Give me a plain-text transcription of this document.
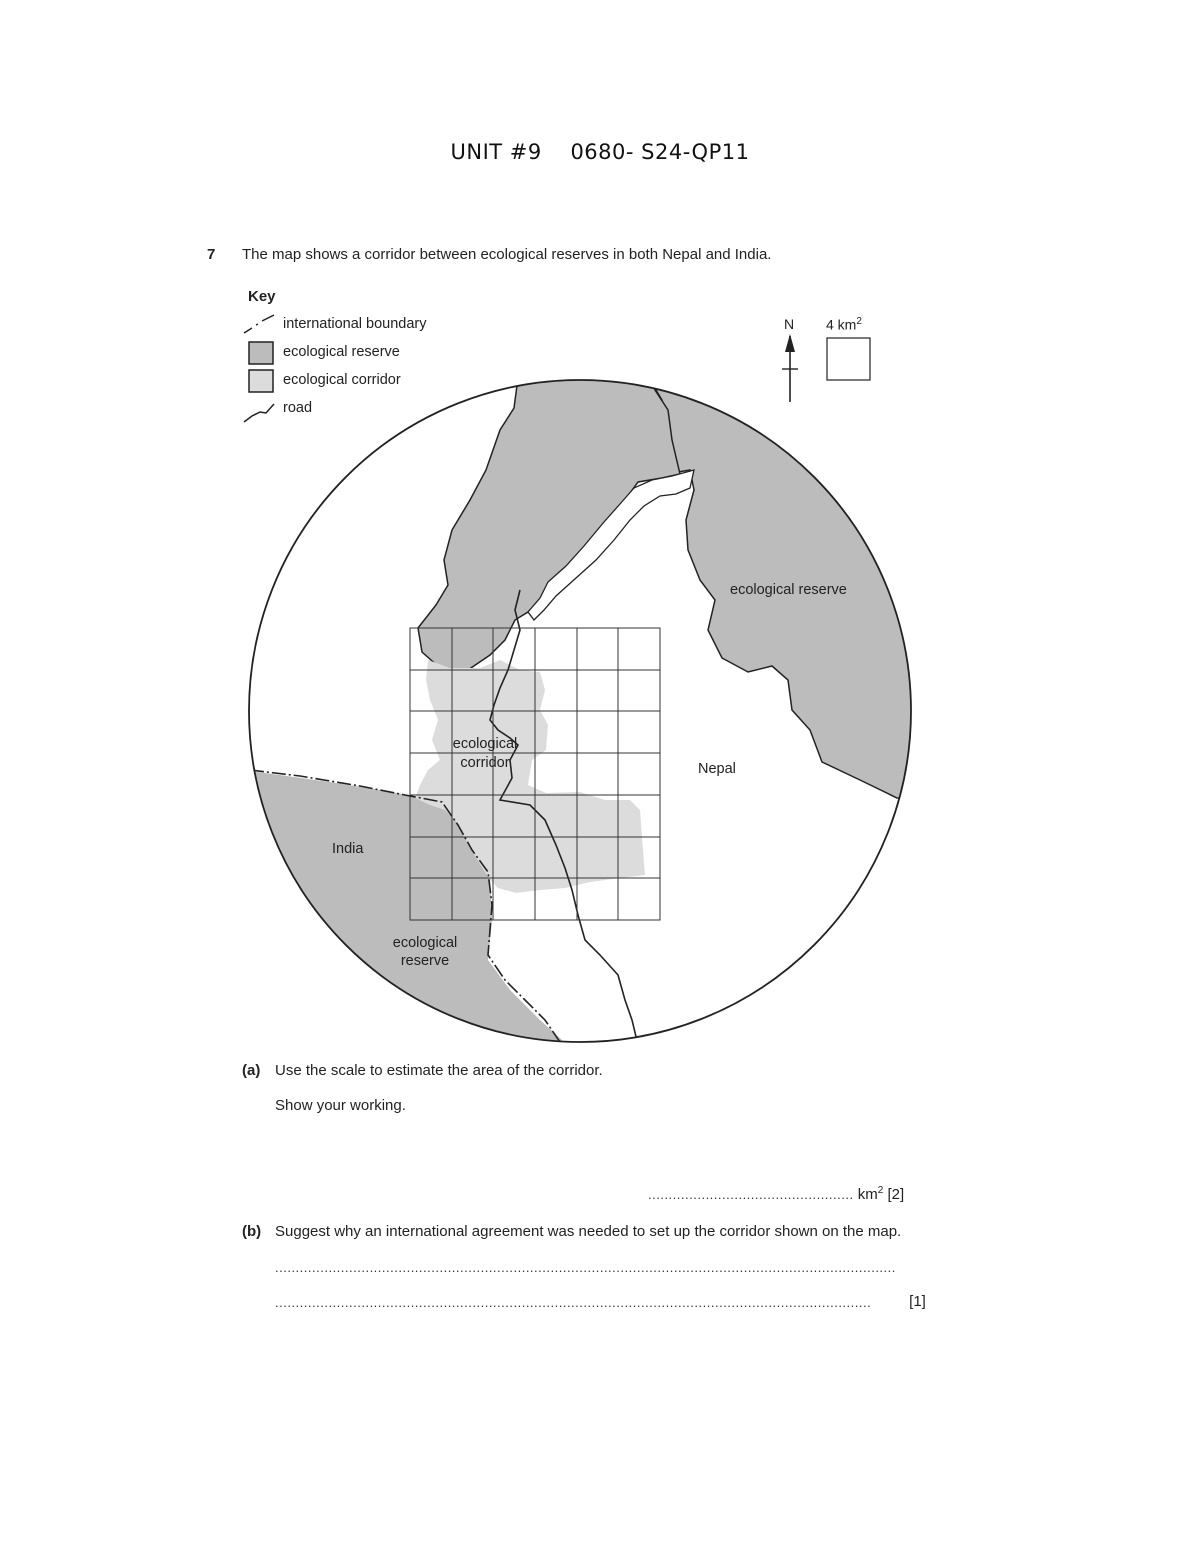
UNIT #9    0680- S24-QP11
7 The map shows a corridor between ecological reserves in both Nepal and India.
Key
international boundary
ecological reserve
ecological corridor
road
N 4 $km^2$
ecological reserve
ecological
corridor	Nepal
India
ecological
reserve
(a) Use the scale to estimate the area of the corridor.
Show your working.
.................................................. $km^2$ [2]
(b) Suggest why an international agreement was needed to set up the corridor shown on the map.
.......................................................................................................................................................
.................................................................................................................................................	[1]
